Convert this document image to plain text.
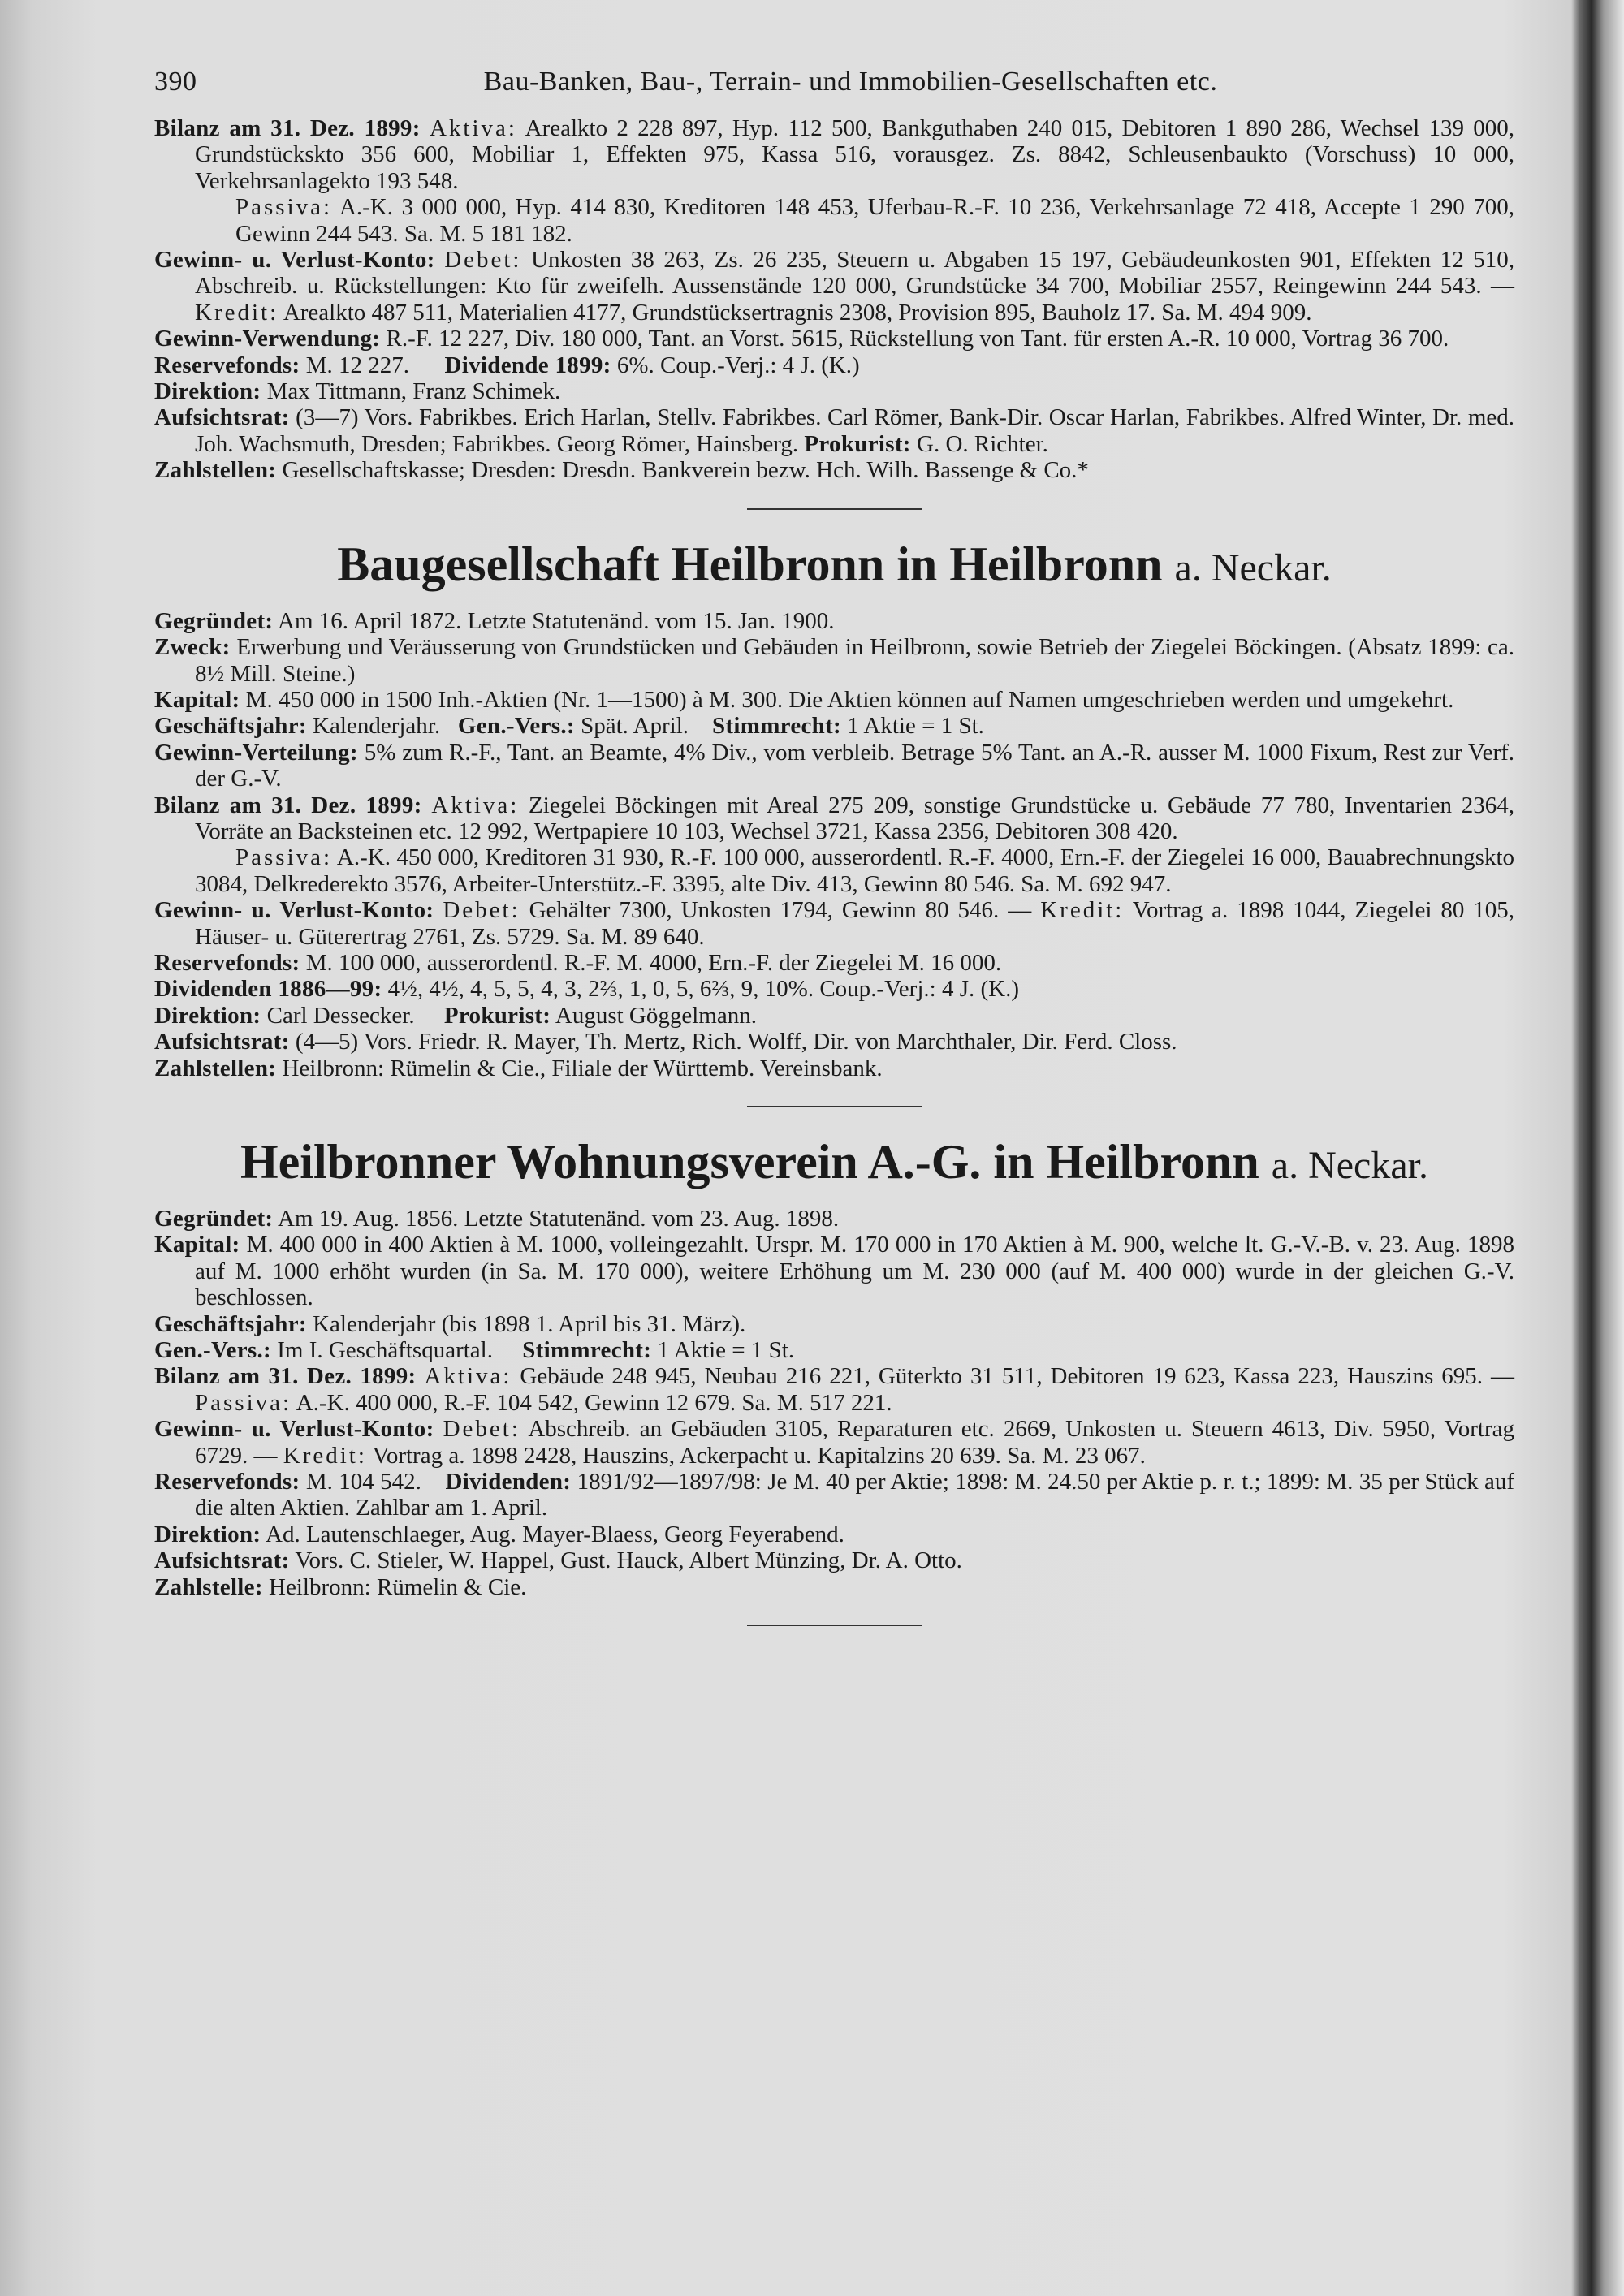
390	Bau-Banken, Bau-, Terrain- und Immobilien-Gesellschaften etc.
Bilanz am 31. Dez. 1899: Aktiva: Arealkto 2 228 897, Hyp. 112 500, Bankguthaben 240 015, Debitoren 1 890 286, Wechsel 139 000, Grundstückskto 356 600, Mobiliar 1, Effekten 975, Kassa 516, vorausgez. Zs. 8842, Schleusenbaukto (Vorschuss) 10 000, Verkehrsanlagekto 193 548.
Passiva: A.-K. 3 000 000, Hyp. 414 830, Kreditoren 148 453, Uferbau-R.-F. 10 236, Verkehrsanlage 72 418, Accepte 1 290 700, Gewinn 244 543. Sa. M. 5 181 182.
Gewinn- u. Verlust-Konto: Debet: Unkosten 38 263, Zs. 26 235, Steuern u. Abgaben 15 197, Gebäudeunkosten 901, Effekten 12 510, Abschreib. u. Rückstellungen: Kto für zweifelh. Aussenstände 120 000, Grundstücke 34 700, Mobiliar 2557, Reingewinn 244 543. — Kredit: Arealkto 487 511, Materialien 4177, Grundstücksertragnis 2308, Provision 895, Bauholz 17. Sa. M. 494 909.
Gewinn-Verwendung: R.-F. 12 227, Div. 180 000, Tant. an Vorst. 5615, Rückstellung von Tant. für ersten A.-R. 10 000, Vortrag 36 700.
Reservefonds: M. 12 227. Dividende 1899: 6%. Coup.-Verj.: 4 J. (K.)
Direktion: Max Tittmann, Franz Schimek.
Aufsichtsrat: (3—7) Vors. Fabrikbes. Erich Harlan, Stellv. Fabrikbes. Carl Römer, Bank-Dir. Oscar Harlan, Fabrikbes. Alfred Winter, Dr. med. Joh. Wachsmuth, Dresden; Fabrikbes. Georg Römer, Hainsberg. Prokurist: G. O. Richter.
Zahlstellen: Gesellschaftskasse; Dresden: Dresdn. Bankverein bezw. Hch. Wilh. Bassenge & Co.*
Baugesellschaft Heilbronn in Heilbronn a. Neckar.
Gegründet: Am 16. April 1872. Letzte Statutenänd. vom 15. Jan. 1900.
Zweck: Erwerbung und Veräusserung von Grundstücken und Gebäuden in Heilbronn, sowie Betrieb der Ziegelei Böckingen. (Absatz 1899: ca. 8½ Mill. Steine.)
Kapital: M. 450 000 in 1500 Inh.-Aktien (Nr. 1—1500) à M. 300. Die Aktien können auf Namen umgeschrieben werden und umgekehrt.
Geschäftsjahr: Kalenderjahr. Gen.-Vers.: Spät. April. Stimmrecht: 1 Aktie = 1 St.
Gewinn-Verteilung: 5% zum R.-F., Tant. an Beamte, 4% Div., vom verbleib. Betrage 5% Tant. an A.-R. ausser M. 1000 Fixum, Rest zur Verf. der G.-V.
Bilanz am 31. Dez. 1899: Aktiva: Ziegelei Böckingen mit Areal 275 209, sonstige Grundstücke u. Gebäude 77 780, Inventarien 2364, Vorräte an Backsteinen etc. 12 992, Wertpapiere 10 103, Wechsel 3721, Kassa 2356, Debitoren 308 420.
Passiva: A.-K. 450 000, Kreditoren 31 930, R.-F. 100 000, ausserordentl. R.-F. 4000, Ern.-F. der Ziegelei 16 000, Bauabrechnungskto 3084, Delkrederekto 3576, Arbeiter-Unterstütz.-F. 3395, alte Div. 413, Gewinn 80 546. Sa. M. 692 947.
Gewinn- u. Verlust-Konto: Debet: Gehälter 7300, Unkosten 1794, Gewinn 80 546. — Kredit: Vortrag a. 1898 1044, Ziegelei 80 105, Häuser- u. Güterertrag 2761, Zs. 5729. Sa. M. 89 640.
Reservefonds: M. 100 000, ausserordentl. R.-F. M. 4000, Ern.-F. der Ziegelei M. 16 000.
Dividenden 1886—99: 4½, 4½, 4, 5, 5, 4, 3, 2⅔, 1, 0, 5, 6⅔, 9, 10%. Coup.-Verj.: 4 J. (K.)
Direktion: Carl Dessecker. Prokurist: August Göggelmann.
Aufsichtsrat: (4—5) Vors. Friedr. R. Mayer, Th. Mertz, Rich. Wolff, Dir. von Marchthaler, Dir. Ferd. Closs.
Zahlstellen: Heilbronn: Rümelin & Cie., Filiale der Württemb. Vereinsbank.
Heilbronner Wohnungsverein A.-G. in Heilbronn a. Neckar.
Gegründet: Am 19. Aug. 1856. Letzte Statutenänd. vom 23. Aug. 1898.
Kapital: M. 400 000 in 400 Aktien à M. 1000, volleingezahlt. Urspr. M. 170 000 in 170 Aktien à M. 900, welche lt. G.-V.-B. v. 23. Aug. 1898 auf M. 1000 erhöht wurden (in Sa. M. 170 000), weitere Erhöhung um M. 230 000 (auf M. 400 000) wurde in der gleichen G.-V. beschlossen.
Geschäftsjahr: Kalenderjahr (bis 1898 1. April bis 31. März).
Gen.-Vers.: Im I. Geschäftsquartal. Stimmrecht: 1 Aktie = 1 St.
Bilanz am 31. Dez. 1899: Aktiva: Gebäude 248 945, Neubau 216 221, Güterkto 31 511, Debitoren 19 623, Kassa 223, Hauszins 695. — Passiva: A.-K. 400 000, R.-F. 104 542, Gewinn 12 679. Sa. M. 517 221.
Gewinn- u. Verlust-Konto: Debet: Abschreib. an Gebäuden 3105, Reparaturen etc. 2669, Unkosten u. Steuern 4613, Div. 5950, Vortrag 6729. — Kredit: Vortrag a. 1898 2428, Hauszins, Ackerpacht u. Kapitalzins 20 639. Sa. M. 23 067.
Reservefonds: M. 104 542. Dividenden: 1891/92—1897/98: Je M. 40 per Aktie; 1898: M. 24.50 per Aktie p. r. t.; 1899: M. 35 per Stück auf die alten Aktien. Zahlbar am 1. April.
Direktion: Ad. Lautenschlaeger, Aug. Mayer-Blaess, Georg Feyerabend.
Aufsichtsrat: Vors. C. Stieler, W. Happel, Gust. Hauck, Albert Münzing, Dr. A. Otto.
Zahlstelle: Heilbronn: Rümelin & Cie.
